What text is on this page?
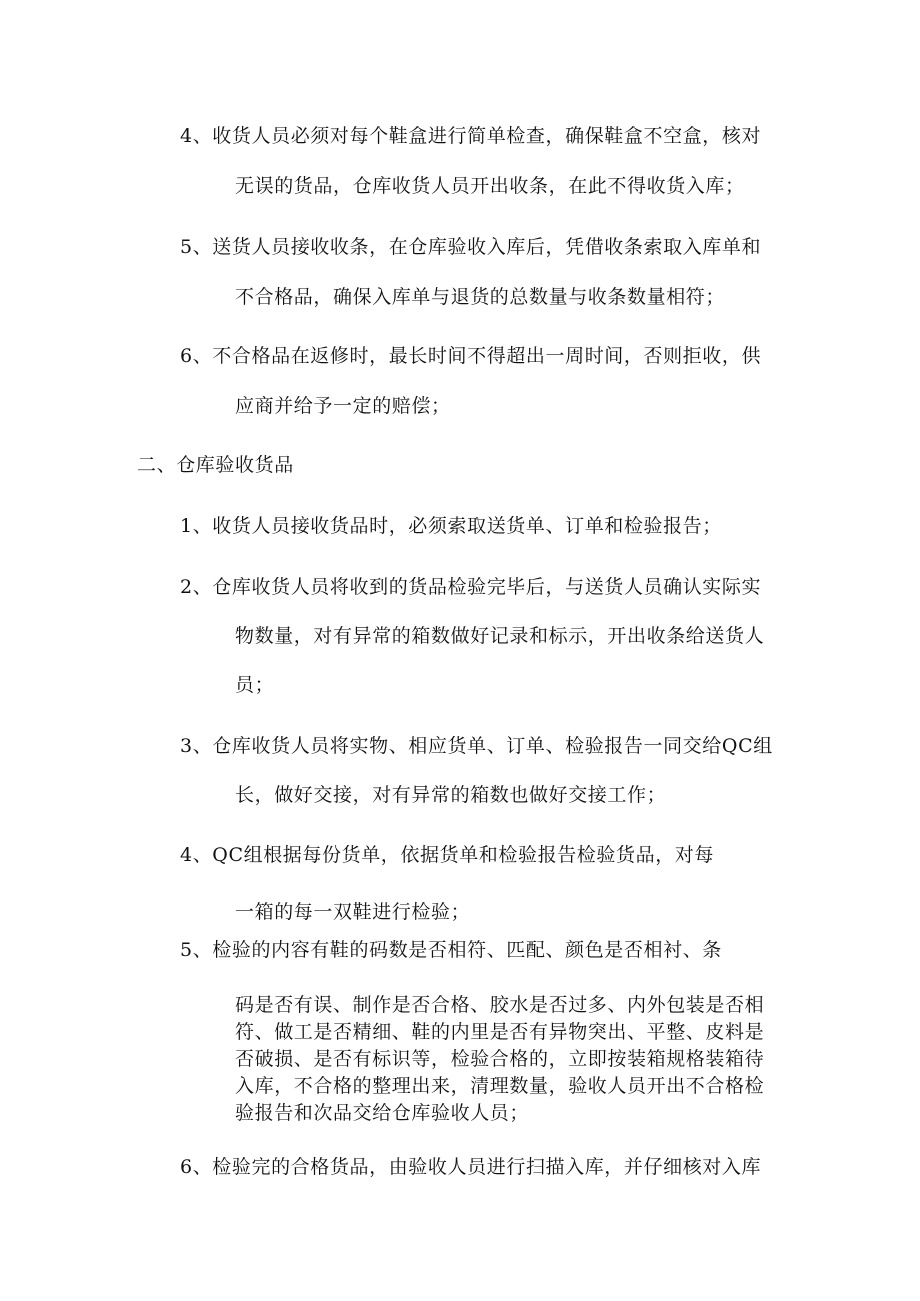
4、收货人员必须对每个鞋盒进行简单检查，确保鞋盒不空盒，核对
无误的货品，仓库收货人员开出收条，在此不得收货入库；
5、送货人员接收收条，在仓库验收入库后，凭借收条索取入库单和
不合格品，确保入库单与退货的总数量与收条数量相符；
6、不合格品在返修时，最长时间不得超出一周时间，否则拒收，供
应商并给予一定的赔偿；
二、仓库验收货品
1、收货人员接收货品时，必须索取送货单、订单和检验报告；
2、仓库收货人员将收到的货品检验完毕后，与送货人员确认实际实
物数量，对有异常的箱数做好记录和标示，开出收条给送货人
员；
3、仓库收货人员将实物、相应货单、订单、检验报告一同交给QC组
长，做好交接，对有异常的箱数也做好交接工作；
4、QC组根据每份货单，依据货单和检验报告检验货品，对每
一箱的每一双鞋进行检验；
5、检验的内容有鞋的码数是否相符、匹配、颜色是否相衬、条
码是否有误、制作是否合格、胶水是否过多、内外包装是否相
符、做工是否精细、鞋的内里是否有异物突出、平整、皮料是
否破损、是否有标识等，检验合格的，立即按装箱规格装箱待
入库，不合格的整理出来，清理数量，验收人员开出不合格检
验报告和次品交给仓库验收人员；
6、检验完的合格货品，由验收人员进行扫描入库，并仔细核对入库
